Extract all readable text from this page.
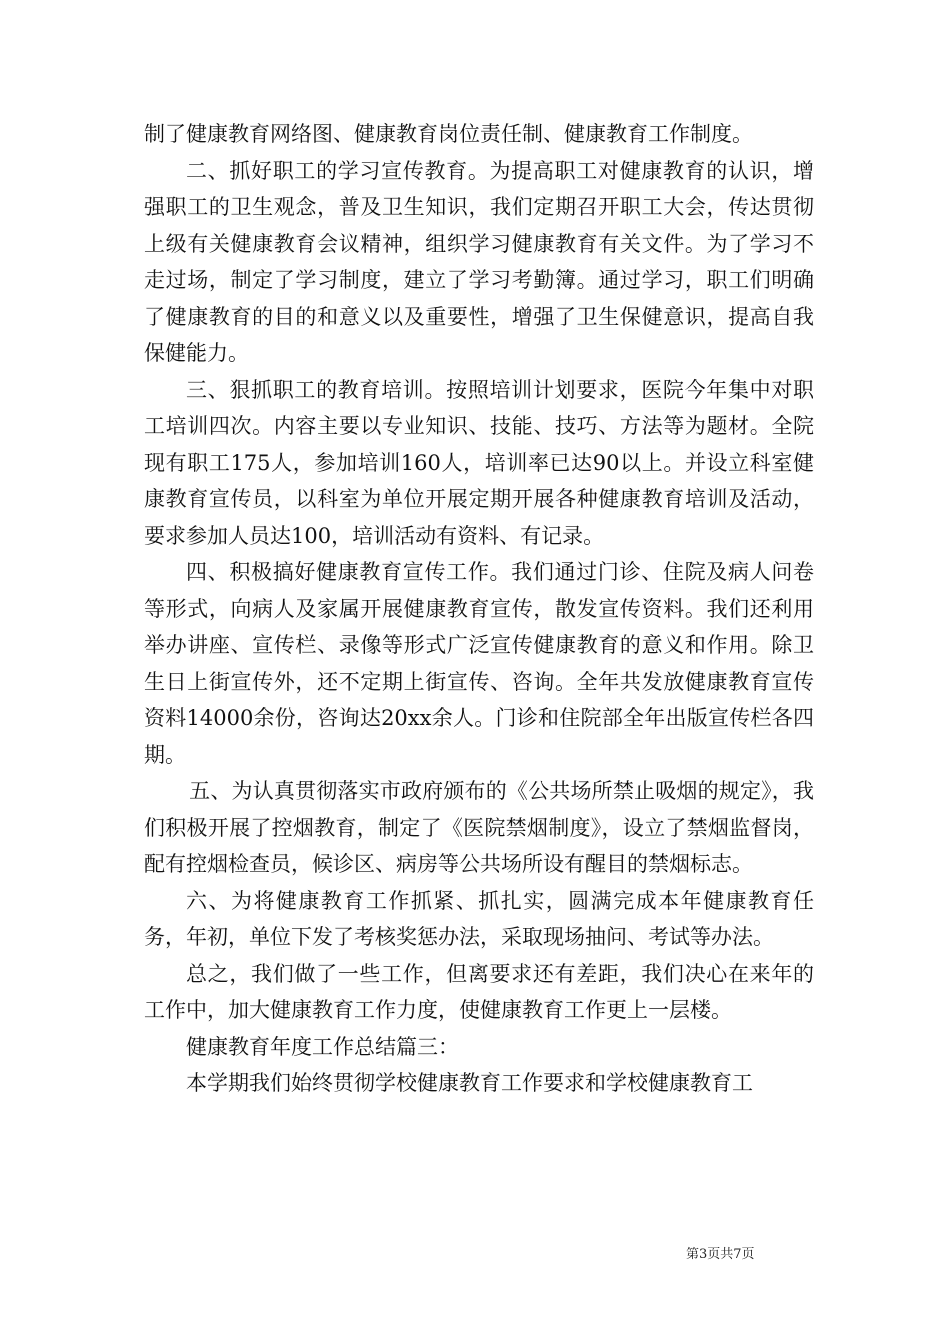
制了健康教育网络图、健康教育岗位责任制、健康教育工作制度。

二、抓好职工的学习宣传教育。为提高职工对健康教育的认识，增强职工的卫生观念，普及卫生知识，我们定期召开职工大会，传达贯彻上级有关健康教育会议精神，组织学习健康教育有关文件。为了学习不走过场，制定了学习制度，建立了学习考勤簿。通过学习，职工们明确了健康教育的目的和意义以及重要性，增强了卫生保健意识，提高自我保健能力。

三、狠抓职工的教育培训。按照培训计划要求，医院今年集中对职工培训四次。内容主要以专业知识、技能、技巧、方法等为题材。全院现有职工175人，参加培训160人，培训率已达90以上。并设立科室健康教育宣传员，以科室为单位开展定期开展各种健康教育培训及活动，要求参加人员达100，培训活动有资料、有记录。

四、积极搞好健康教育宣传工作。我们通过门诊、住院及病人问卷等形式，向病人及家属开展健康教育宣传，散发宣传资料。我们还利用举办讲座、宣传栏、录像等形式广泛宣传健康教育的意义和作用。除卫生日上街宣传外，还不定期上街宣传、咨询。全年共发放健康教育宣传资料14000余份，咨询达20xx余人。门诊和住院部全年出版宣传栏各四期。

五、为认真贯彻落实市政府颁布的《公共场所禁止吸烟的规定》，我们积极开展了控烟教育，制定了《医院禁烟制度》，设立了禁烟监督岗，配有控烟检查员，候诊区、病房等公共场所设有醒目的禁烟标志。

六、为将健康教育工作抓紧、抓扎实，圆满完成本年健康教育任务，年初，单位下发了考核奖惩办法，采取现场抽问、考试等办法。

总之，我们做了一些工作，但离要求还有差距，我们决心在来年的工作中，加大健康教育工作力度，使健康教育工作更上一层楼。

健康教育年度工作总结篇三：

本学期我们始终贯彻学校健康教育工作要求和学校健康教育工

第3页共7页
